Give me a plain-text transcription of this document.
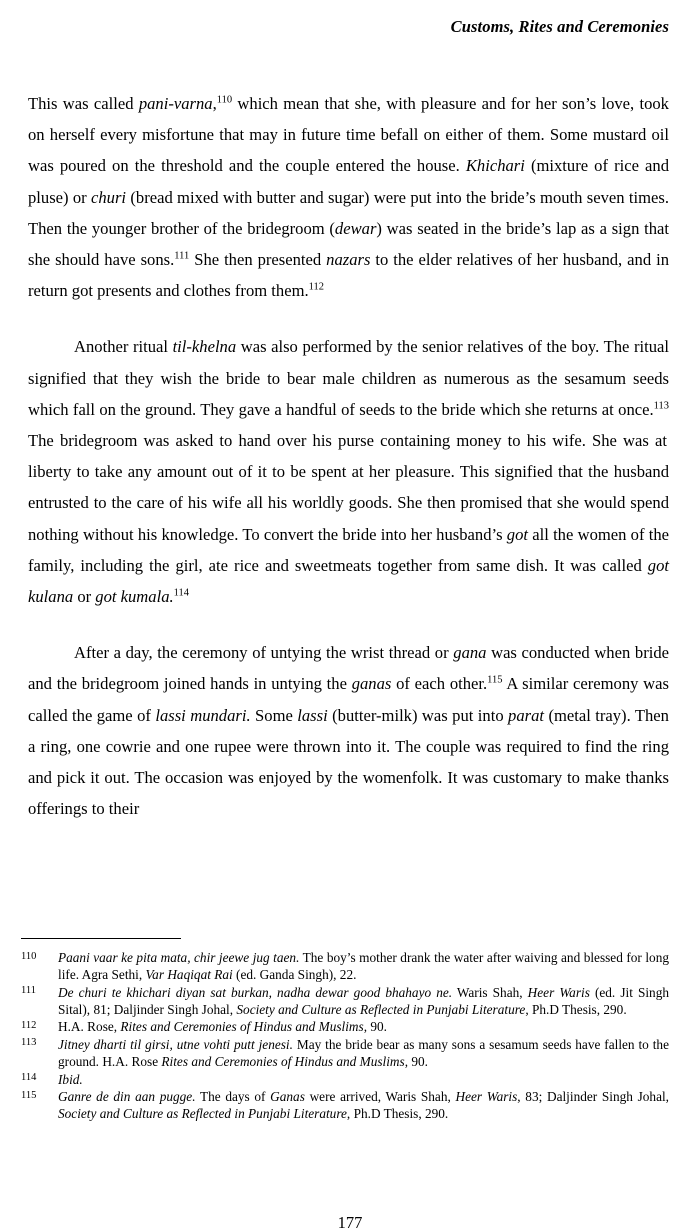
Customs, Rites and Ceremonies

This was called pani-varna,$^{110}$ which mean that she, with pleasure and for her son’s love, took on herself every misfortune that may in future time befall on either of them. Some mustard oil was poured on the threshold and the couple entered the house. Khichari (mixture of rice and pluse) or churi (bread mixed with butter and sugar) were put into the bride’s mouth seven times. Then the younger brother of the bridegroom (dewar) was seated in the bride’s lap as a sign that she should have sons.$^{111}$ She then presented nazars to the elder relatives of her husband, and in return got presents and clothes from them.$^{112}$

Another ritual til-khelna was also performed by the senior relatives of the boy. The ritual signified that they wish the bride to bear male children as numerous as the sesamum seeds which fall on the ground. They gave a handful of seeds to the bride which she returns at once.$^{113}$ The bridegroom was asked to hand over his purse containing money to his wife. She was at liberty to take any amount out of it to be spent at her pleasure. This signified that the husband entrusted to the care of his wife all his worldly goods. She then promised that she would spend nothing without his knowledge. To convert the bride into her husband’s got all the women of the family, including the girl, ate rice and sweetmeats together from same dish. It was called got kulana or got kumala.$^{114}$

After a day, the ceremony of untying the wrist thread or gana was conducted when bride and the bridegroom joined hands in untying the ganas of each other.$^{115}$ A similar ceremony was called the game of lassi mundari. Some lassi (butter-milk) was put into parat (metal tray). Then a ring, one cowrie and one rupee were thrown into it. The couple was required to find the ring and pick it out. The occasion was enjoyed by the womenfolk. It was customary to make thanks offerings to their

110 Paani vaar ke pita mata, chir jeewe jug taen. The boy’s mother drank the water after waiving and blessed for long life. Agra Sethi, Var Haqiqat Rai (ed. Ganda Singh), 22.
111 De churi te khichari diyan sat burkan, nadha dewar good bhahayo ne. Waris Shah, Heer Waris (ed. Jit Singh Sital), 81; Daljinder Singh Johal, Society and Culture as Reflected in Punjabi Literature, Ph.D Thesis, 290.
112 H.A. Rose, Rites and Ceremonies of Hindus and Muslims, 90.
113 Jitney dharti til girsi, utne vohti putt jenesi. May the bride bear as many sons a sesamum seeds have fallen to the ground. H.A. Rose Rites and Ceremonies of Hindus and Muslims, 90.
114 Ibid.
115 Ganre de din aan pugge. The days of Ganas were arrived, Waris Shah, Heer Waris, 83; Daljinder Singh Johal, Society and Culture as Reflected in Punjabi Literature, Ph.D Thesis, 290.
177
